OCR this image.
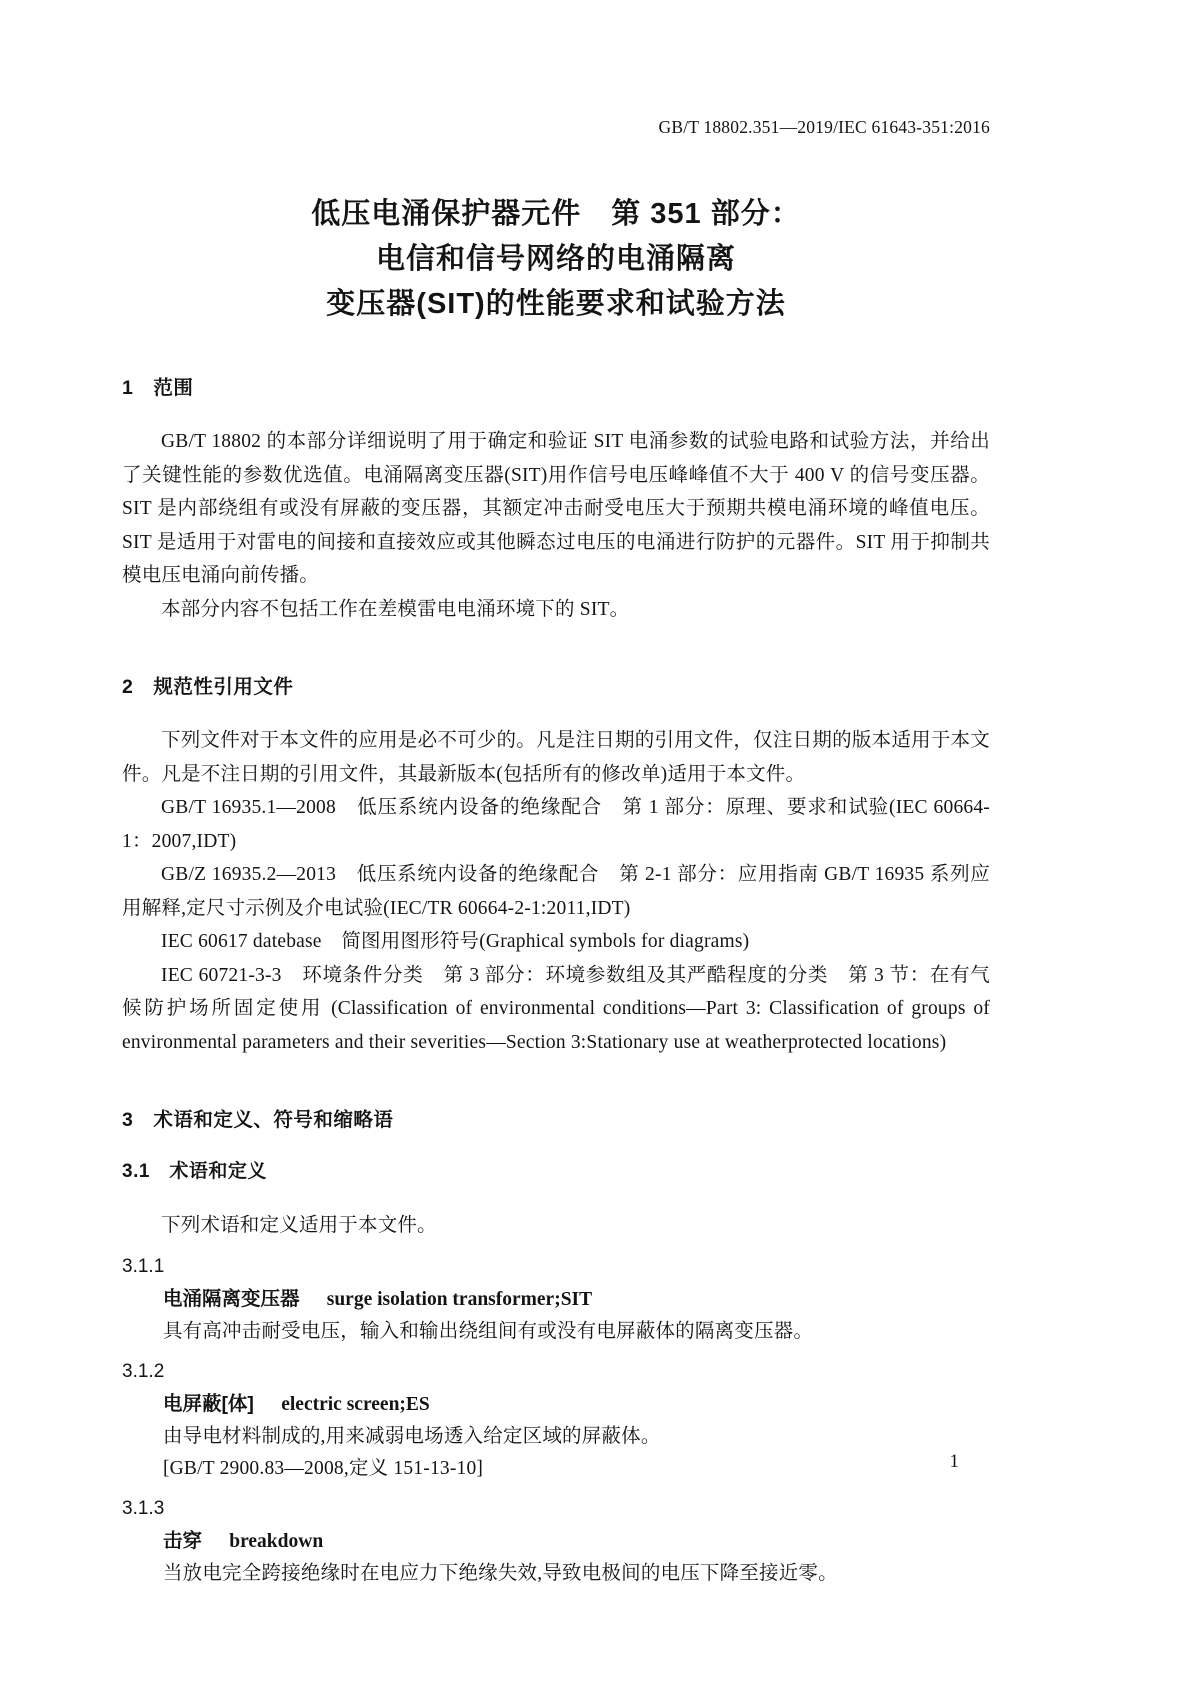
GB/T 18802.351—2019/IEC 61643-351:2016
低压电涌保护器元件　第 351 部分：
电信和信号网络的电涌隔离
变压器(SIT)的性能要求和试验方法
1　范围

GB/T 18802 的本部分详细说明了用于确定和验证 SIT 电涌参数的试验电路和试验方法，并给出了关键性能的参数优选值。电涌隔离变压器(SIT)用作信号电压峰峰值不大于 400 V 的信号变压器。SIT 是内部绕组有或没有屏蔽的变压器，其额定冲击耐受电压大于预期共模电涌环境的峰值电压。SIT 是适用于对雷电的间接和直接效应或其他瞬态过电压的电涌进行防护的元器件。SIT 用于抑制共模电压电涌向前传播。

本部分内容不包括工作在差模雷电电涌环境下的 SIT。

2　规范性引用文件

下列文件对于本文件的应用是必不可少的。凡是注日期的引用文件，仅注日期的版本适用于本文件。凡是不注日期的引用文件，其最新版本(包括所有的修改单)适用于本文件。

GB/T 16935.1—2008　低压系统内设备的绝缘配合　第 1 部分：原理、要求和试验(IEC 60664-1：2007,IDT)

GB/Z 16935.2—2013　低压系统内设备的绝缘配合　第 2-1 部分：应用指南 GB/T 16935 系列应用解释,定尺寸示例及介电试验(IEC/TR 60664-2-1:2011,IDT)

IEC 60617 datebase　简图用图形符号(Graphical symbols for diagrams)

IEC 60721-3-3　环境条件分类　第 3 部分：环境参数组及其严酷程度的分类　第 3 节：在有气候防护场所固定使用 (Classification of environmental conditions—Part 3: Classification of groups of environmental parameters and their severities—Section 3:Stationary use at weatherprotected locations)

3　术语和定义、符号和缩略语
3.1　术语和定义

下列术语和定义适用于本文件。

3.1.1
电涌隔离变压器 surge isolation transformer;SIT
具有高冲击耐受电压，输入和输出绕组间有或没有电屏蔽体的隔离变压器。
3.1.2
电屏蔽[体] electric screen;ES
由导电材料制成的,用来减弱电场透入给定区域的屏蔽体。
[GB/T 2900.83—2008,定义 151-13-10]
3.1.3
击穿 breakdown
当放电完全跨接绝缘时在电应力下绝缘失效,导致电极间的电压下降至接近零。
1
